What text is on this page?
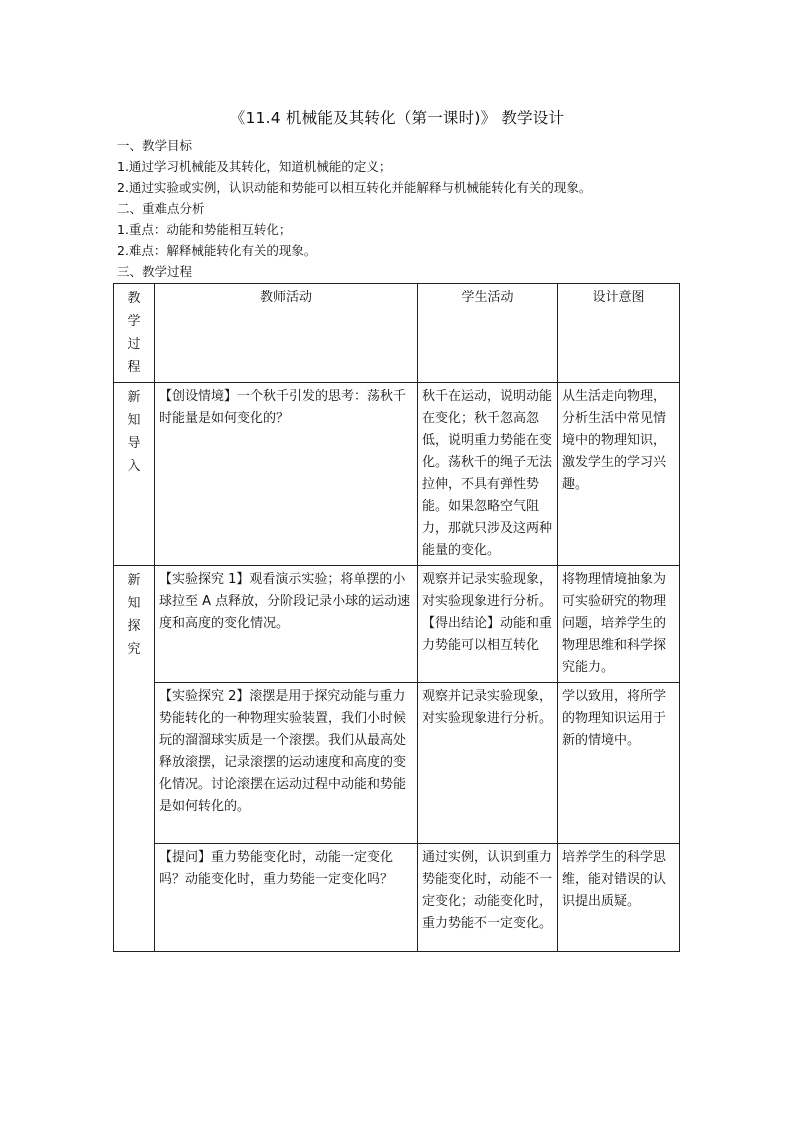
《11.4 机械能及其转化（第一课时)》 教学设计
一、教学目标
1.通过学习机械能及其转化，知道机械能的定义；
2.通过实验或实例，认识动能和势能可以相互转化并能解释与机械能转化有关的现象。
二、重难点分析
1.重点：动能和势能相互转化；
2.难点：解释械能转化有关的现象。
三、教学过程
教
学
过
程	教师活动	学生活动	设计意图

新
知
导
入	【创设情境】一个秋千引发的思考：荡秋千时能量是如何变化的？	秋千在运动，说明动能在变化；秋千忽高忽低，说明重力势能在变化。荡秋千的绳子无法拉伸，不具有弹性势能。如果忽略空气阻力，那就只涉及这两种能量的变化。	从生活走向物理，分析生活中常见情境中的物理知识，激发学生的学习兴趣。

新
知
探
究	【实验探究 1】观看演示实验；将单摆的小球拉至 A 点释放，分阶段记录小球的运动速度和高度的变化情况。	观察并记录实验现象，对实验现象进行分析。【得出结论】动能和重力势能可以相互转化	将物理情境抽象为可实验研究的物理问题，培养学生的物理思维和科学探究能力。
	【实验探究 2】滚摆是用于探究动能与重力势能转化的一种物理实验装置，我们小时候玩的溜溜球实质是一个滚摆。我们从最高处释放滚摆，记录滚摆的运动速度和高度的变化情况。讨论滚摆在运动过程中动能和势能是如何转化的。	观察并记录实验现象，对实验现象进行分析。	学以致用，将所学的物理知识运用于新的情境中。
	【提问】重力势能变化时，动能一定变化吗？动能变化时，重力势能一定变化吗？	通过实例，认识到重力势能变化时，动能不一定变化；动能变化时，重力势能不一定变化。	培养学生的科学思维，能对错误的认识提出质疑。
